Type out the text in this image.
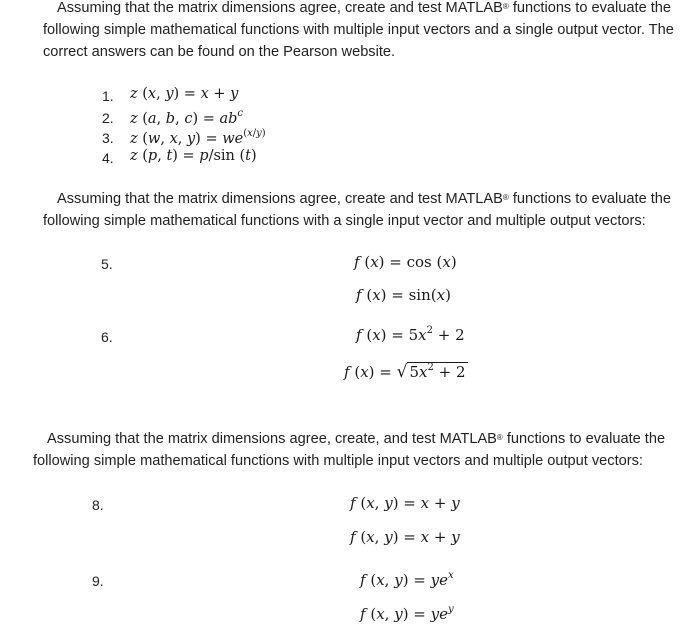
Assuming that the matrix dimensions agree, create and test MATLAB® functions to evaluate the following simple mathematical functions with multiple input vectors and a single output vector. The correct answers can be found on the Pearson website.

1. z (x, y) = x + y
2. z (a, b, $c) = ab^c$
3. z (w, x, $y) = we^{(x/y)}$
4. z (p, t) = p/sin (t)

Assuming that the matrix dimensions agree, create and test MATLAB® functions to evaluate the following simple mathematical functions with a single input vector and multiple output vectors:

5.	f (x) = cos (x)
f (x) = sin(x)
6.	f $(x) = 5x^2 + 2$
f (x) = √ $5x^2 + 2$

Assuming that the matrix dimensions agree, create, and test MATLAB® functions to evaluate the following simple mathematical functions with multiple input vectors and multiple output vectors:

8.	f (x, y) = x + y
f (x, y) = x + y
9.	f (x, $y) = ye^x$
f (x, $y) = ye^y$
